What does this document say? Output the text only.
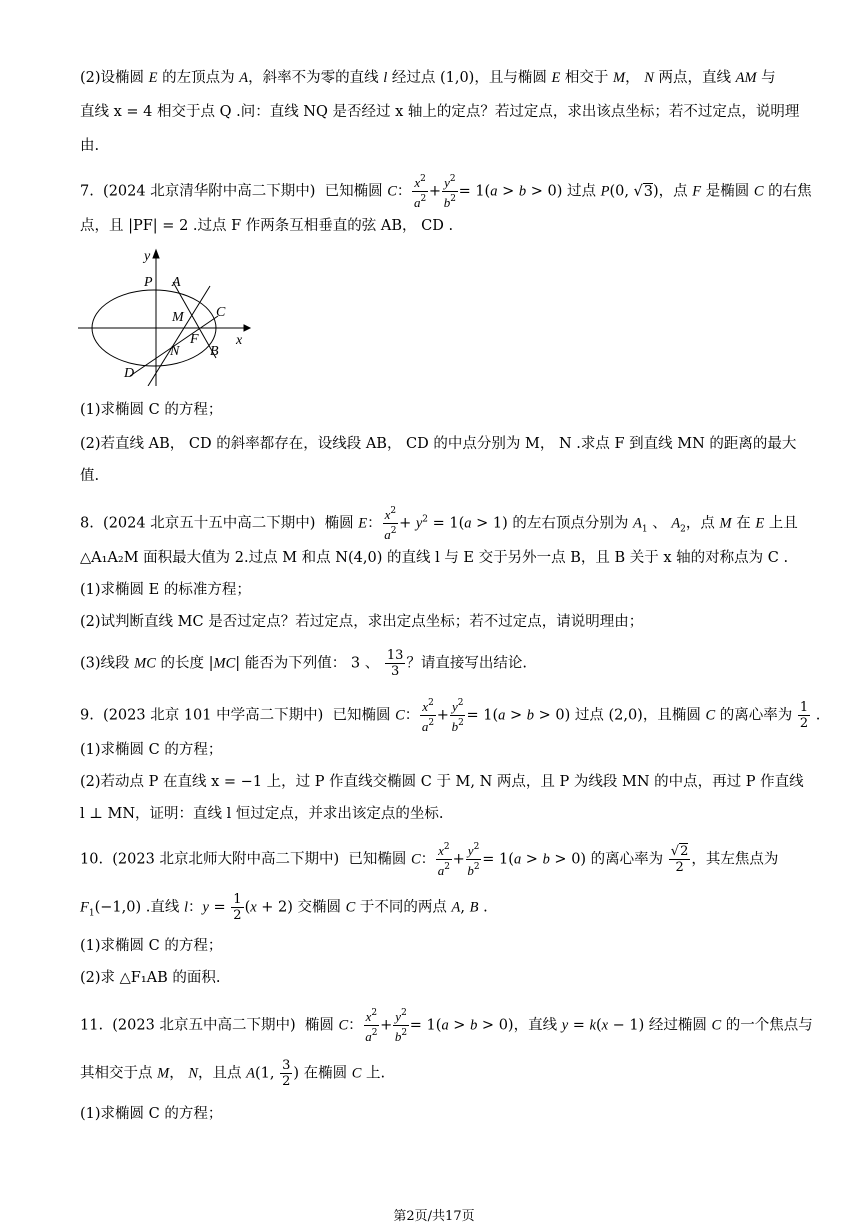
(2)设椭圆 E 的左顶点为 A，斜率不为零的直线 l 经过点 (1,0)，且与椭圆 E 相交于 M， N 两点，直线 AM 与
直线 x = 4 相交于点 Q .问：直线 NQ 是否经过 x 轴上的定点？若过定点，求出该点坐标；若不过定点，说明理
由.
7.  (2024 北京清华附中高二下期中)  已知椭圆 C： $\frac{x^2}{a^2} + \frac{y^2}{b^2} = 1(a > b > 0)$ 过点 P(0, √3)，点 F 是椭圆 C 的右焦
点，且 |PF| = 2 .过点 F 作两条互相垂直的弦 AB， CD .
y
x
P A
M C
F
N B
D
(1)求椭圆 C 的方程；
(2)若直线 AB， CD 的斜率都存在，设线段 AB， CD 的中点分别为 M， N .求点 F 到直线 MN 的距离的最大
值.
8.  (2024 北京五十五中高二下期中)  椭圆 E： $\frac{x^2}{a^2} + y^2 = 1(a > 1)$ 的左右顶点分别为 $A_1$ 、 $A_2$，点 M 在 E 上且
△A₁A₂M 面积最大值为 2.过点 M 和点 N(4,0) 的直线 l 与 E 交于另外一点 B，且 B 关于 x 轴的对称点为 C .
(1)求椭圆 E 的标准方程；
(2)试判断直线 MC 是否过定点？若过定点，求出定点坐标；若不过定点，请说明理由；
(3)线段 MC 的长度 |MC| 能否为下列值： 3 、 $\frac{13}{3}$ ？请直接写出结论.
9.  (2023 北京 101 中学高二下期中)  已知椭圆 C： $\frac{x^2}{a^2} + \frac{y^2}{b^2} = 1(a > b > 0)$ 过点 (2,0)，且椭圆 C 的离心率为 $\frac{1}{2}$ .
(1)求椭圆 C 的方程；
(2)若动点 P 在直线 x = −1 上，过 P 作直线交椭圆 C 于 M, N 两点，且 P 为线段 MN 的中点，再过 P 作直线
l ⊥ MN，证明：直线 l 恒过定点，并求出该定点的坐标.
10.  (2023 北京北师大附中高二下期中)  已知椭圆 C： $\frac{x^2}{a^2} + \frac{y^2}{b^2} = 1(a > b > 0)$ 的离心率为 $\frac{√2}{2}$ ，其左焦点为
$F_1(-1,0)$ .直线 l：$y = \frac{1}{2} (x + 2)$ 交椭圆 C 于不同的两点 A, B .
(1)求椭圆 C 的方程；
(2)求 △F₁AB 的面积.
11.  (2023 北京五中高二下期中)  椭圆 C： $\frac{x^2}{a^2} + \frac{y^2}{b^2} = 1(a > b > 0)$，直线 y = k(x − 1) 经过椭圆 C 的一个焦点与
其相交于点 M， N，且点 A(1, $\frac{3}{2}$ ) 在椭圆 C 上.
(1)求椭圆 C 的方程；
第2页/共17页
